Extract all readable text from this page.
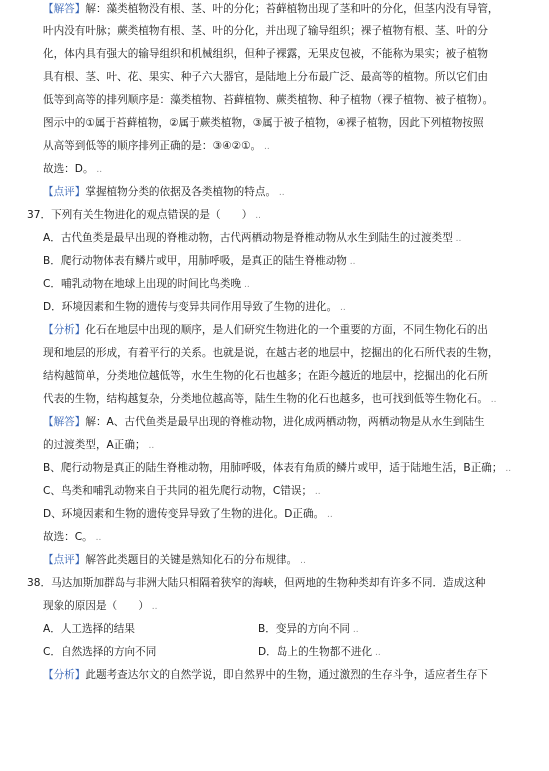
【解答】解：藻类植物没有根、茎、叶的分化；苔藓植物出现了茎和叶的分化，但茎内没有导管，
叶内没有叶脉；蕨类植物有根、茎、叶的分化，并出现了输导组织；裸子植物有根、茎、叶的分
化，体内具有强大的输导组织和机械组织，但种子裸露，无果皮包被，不能称为果实；被子植物
具有根、茎、叶、花、果实、种子六大器官，是陆地上分布最广泛、最高等的植物。所以它们由
低等到高等的排列顺序是：藻类植物、苔藓植物、蕨类植物、种子植物（裸子植物、被子植物）。
图示中的①属于苔藓植物，②属于蕨类植物，③属于被子植物，④裸子植物，因此下列植物按照
从高等到低等的顺序排列正确的是：③④②①。 ..
故选：D。 ..
【点评】掌握植物分类的依据及各类植物的特点。 ..
37．下列有关生物进化的观点错误的是（　　） ..
A．古代鱼类是最早出现的脊椎动物，古代两栖动物是脊椎动物从水生到陆生的过渡类型 ..
B．爬行动物体表有鳞片或甲，用肺呼吸，是真正的陆生脊椎动物 ..
C．哺乳动物在地球上出现的时间比鸟类晚 ..
D．环境因素和生物的遗传与变异共同作用导致了生物的进化。 ..
【分析】化石在地层中出现的顺序，是人们研究生物进化的一个重要的方面，不同生物化石的出
现和地层的形成，有着平行的关系。也就是说，在越古老的地层中，挖掘出的化石所代表的生物，
结构越简单，分类地位越低等，水生生物的化石也越多；在距今越近的地层中，挖掘出的化石所
代表的生物，结构越复杂，分类地位越高等，陆生生物的化石也越多，也可找到低等生物化石。 ..
【解答】解：A、古代鱼类是最早出现的脊椎动物，进化成两栖动物，两栖动物是从水生到陆生
的过渡类型，A正确； ..
B、爬行动物是真正的陆生脊椎动物，用肺呼吸，体表有角质的鳞片或甲，适于陆地生活，B正确； ..
C、鸟类和哺乳动物来自于共同的祖先爬行动物，C错误； ..
D、环境因素和生物的遗传变异导致了生物的进化。D正确。 ..
故选：C。 ..
【点评】解答此类题目的关键是熟知化石的分布规律。 ..
38．马达加斯加群岛与非洲大陆只相隔着狭窄的海峡，但两地的生物种类却有许多不同．造成这种
现象的原因是（　　） ..
A．人工选择的结果	B．变异的方向不同 ..
C．自然选择的方向不同	D．岛上的生物都不进化 ..
【分析】此题考查达尔文的自然学说，即自然界中的生物，通过激烈的生存斗争，适应者生存下
